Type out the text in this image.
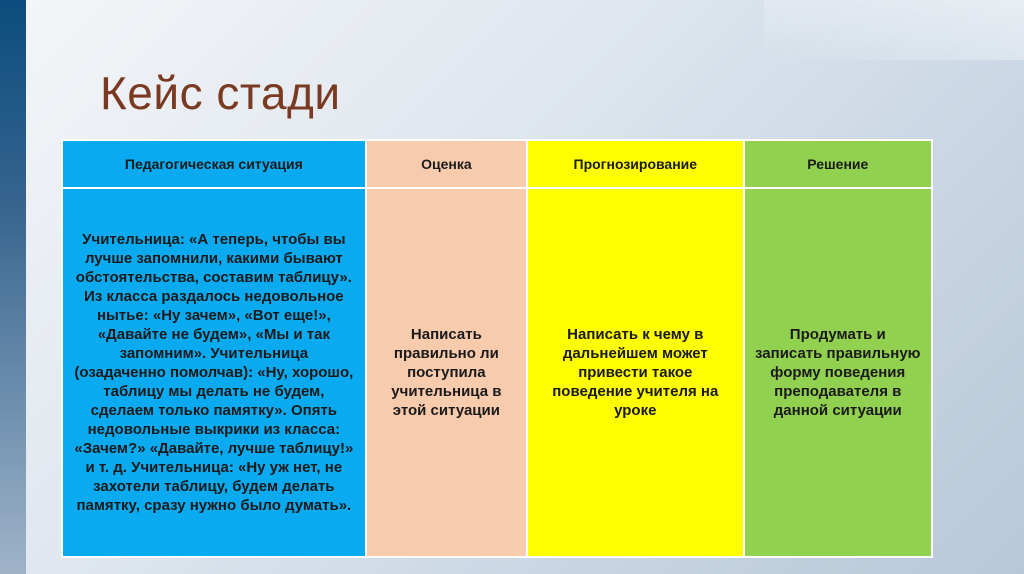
Кейс стади
Педагогическая ситуация	Оценка	Прогнозирование	Решение
Учительница: «А теперь, чтобы вы лучше запомнили, какими бывают обстоятельства, составим таблицу». Из класса раздалось недовольное нытье: «Ну зачем», «Вот еще!», «Давайте не будем», «Мы и так запомним». Учительница (озадаченно помолчав): «Ну, хорошо, таблицу мы делать не будем, сделаем только памятку». Опять недовольные выкрики из класса: «Зачем?» «Давайте, лучше таблицу!» и т. д. Учительница: «Ну уж нет, не захотели таблицу, будем делать памятку, сразу нужно было думать».	Написать правильно ли поступила учительница в этой ситуации	Написать к чему в дальнейшем может привести такое поведение учителя на уроке	Продумать и записать правильную форму поведения преподавателя в данной ситуации
